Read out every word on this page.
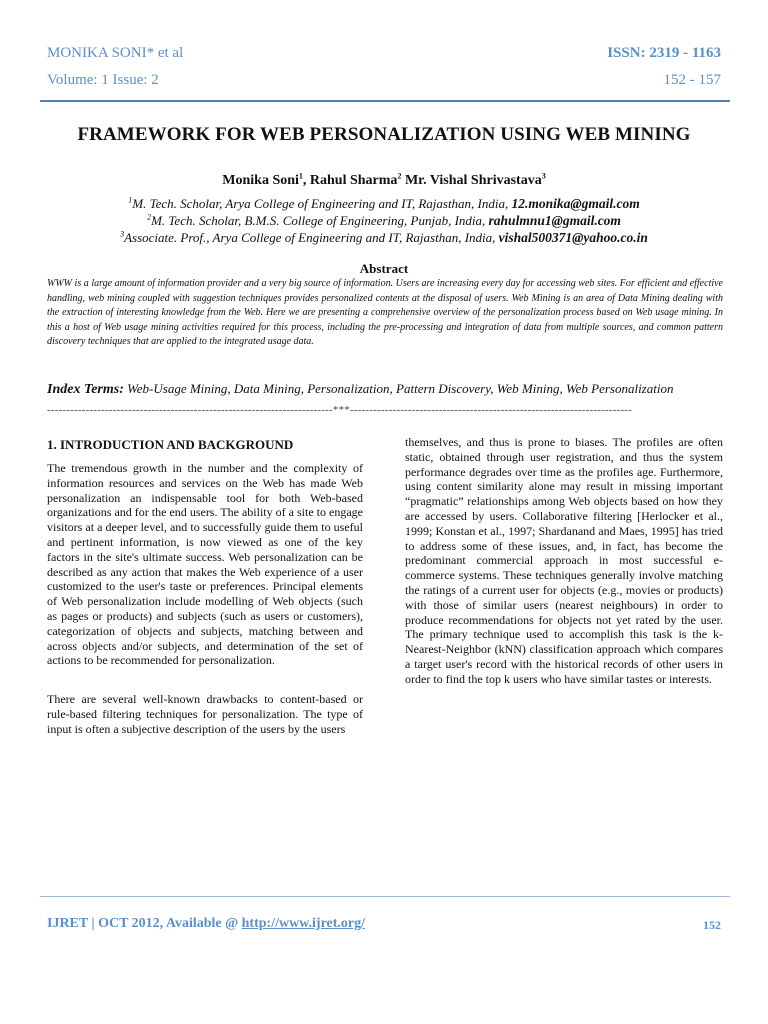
MONIKA SONI* et al	ISSN: 2319 - 1163
Volume: 1 Issue: 2	152 - 157
FRAMEWORK FOR WEB PERSONALIZATION USING WEB MINING
Monika Soni$^1$, Rahul Sharma$^2$ Mr. Vishal Shrivastava$^3$
$^1$M. Tech. Scholar, Arya College of Engineering and IT, Rajasthan, India, 12.monika@gmail.com
$^2$M. Tech. Scholar, B.M.S. College of Engineering, Punjab, India, rahulmnu1@gmail.com
$^3$Associate. Prof., Arya College of Engineering and IT, Rajasthan, India, vishal500371@yahoo.co.in
Abstract
WWW is a large amount of information provider and a very big source of information. Users are increasing every day for accessing web sites. For efficient and effective handling, web mining coupled with suggestion techniques provides personalized contents at the disposal of users. Web Mining is an area of Data Mining dealing with the extraction of interesting knowledge from the Web. Here we are presenting a comprehensive overview of the personalization process based on Web usage mining. In this a host of Web usage mining activities required for this process, including the pre-processing and integration of data from multiple sources, and common pattern discovery techniques that are applied to the integrated usage data.
Index Terms: Web-Usage Mining, Data Mining, Personalization, Pattern Discovery, Web Mining, Web Personalization
--------------------------------------------------------------------------***-------------------------------------------------------------------------
1. INTRODUCTION AND BACKGROUND
The tremendous growth in the number and the complexity of information resources and services on the Web has made Web personalization an indispensable tool for both Web-based organizations and for the end users. The ability of a site to engage visitors at a deeper level, and to successfully guide them to useful and pertinent information, is now viewed as one of the key factors in the site's ultimate success. Web personalization can be described as any action that makes the Web experience of a user customized to the user's taste or preferences. Principal elements of Web personalization include modelling of Web objects (such as pages or products) and subjects (such as users or customers), categorization of objects and subjects, matching between and across objects and/or subjects, and determination of the set of actions to be recommended for personalization.
There are several well-known drawbacks to content-based or rule-based filtering techniques for personalization. The type of input is often a subjective description of the users by the users
themselves, and thus is prone to biases. The profiles are often static, obtained through user registration, and thus the system performance degrades over time as the profiles age. Furthermore, using content similarity alone may result in missing important “pragmatic” relationships among Web objects based on how they are accessed by users. Collaborative filtering [Herlocker et al., 1999; Konstan et al., 1997; Shardanand and Maes, 1995] has tried to address some of these issues, and, in fact, has become the predominant commercial approach in most successful e-commerce systems. These techniques generally involve matching the ratings of a current user for objects (e.g., movies or products) with those of similar users (nearest neighbours) in order to produce recommendations for objects not yet rated by the user. The primary technique used to accomplish this task is the k-Nearest-Neighbor (kNN) classification approach which compares a target user's record with the historical records of other users in order to find the top k users who have similar tastes or interests.
IJRET | OCT 2012, Available @ http://www.ijret.org/	152
